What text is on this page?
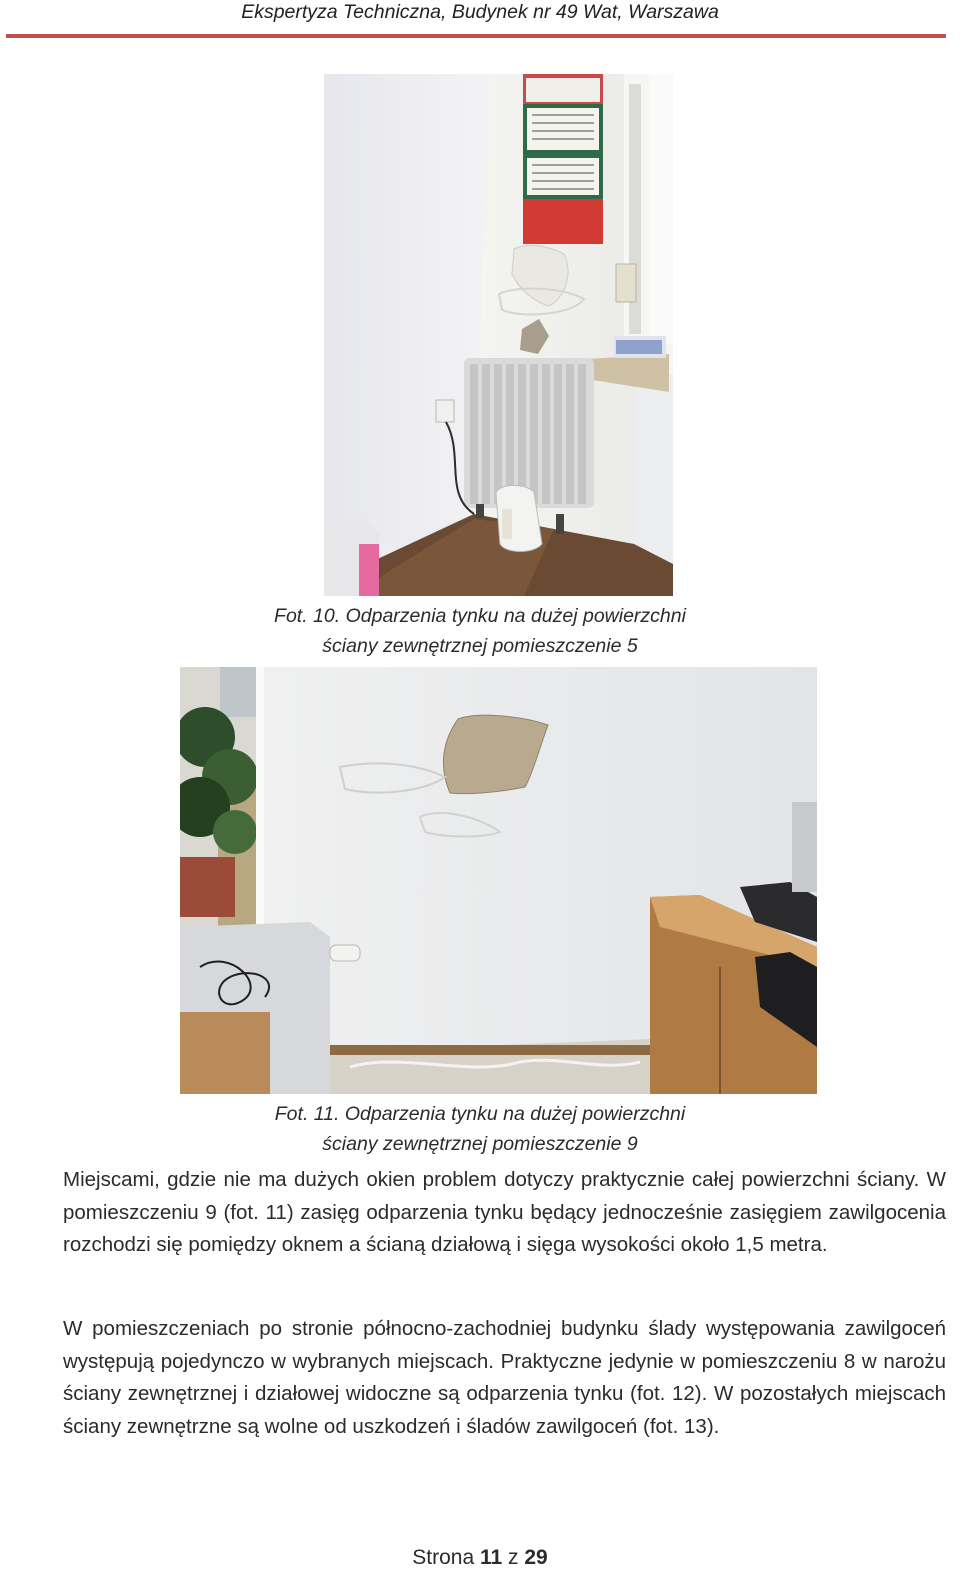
Ekspertyza Techniczna, Budynek nr 49 Wat, Warszawa

Fot. 10. Odparzenia tynku na dużej powierzchni
ściany zewnętrznej pomieszczenie 5

Fot. 11. Odparzenia tynku na dużej powierzchni
ściany zewnętrznej pomieszczenie 9

Miejscami, gdzie nie ma dużych okien problem dotyczy praktycznie całej powierzchni ściany. W pomieszczeniu 9 (fot. 11) zasięg odparzenia tynku będący jednocześnie zasięgiem zawilgocenia rozchodzi się pomiędzy oknem a ścianą działową i sięga wysokości około 1,5 metra.

W pomieszczeniach po stronie północno-zachodniej budynku ślady występowania zawilgoceń występują pojedynczo w wybranych miejscach. Praktyczne jedynie w pomieszczeniu 8 w narożu ściany zewnętrznej i działowej widoczne są odparzenia tynku (fot. 12). W pozostałych miejscach ściany zewnętrzne są wolne od uszkodzeń i śladów zawilgoceń (fot. 13).

Strona 11 z 29
